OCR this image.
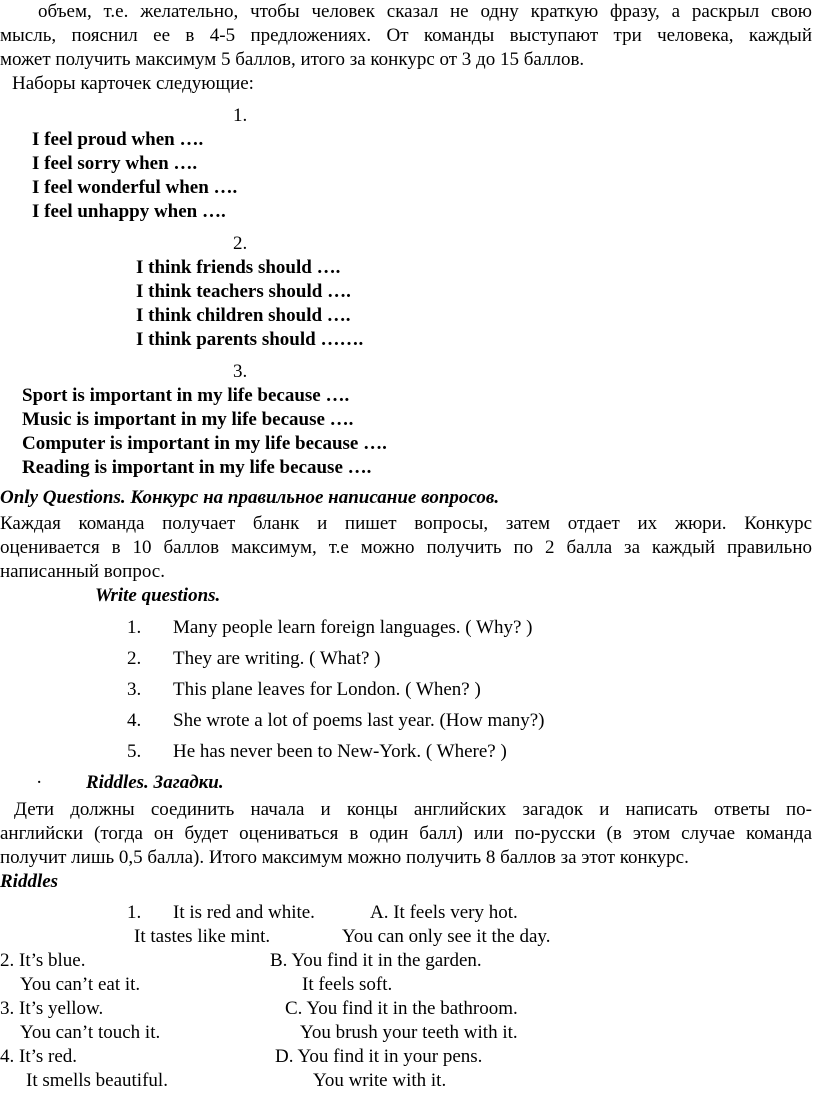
объем, т.е. желательно, чтобы человек сказал не одну краткую фразу, а раскрыл свою
мысль, пояснил ее в 4-5 предложениях. От команды выступают три человека, каждый
может получить максимум 5 баллов, итого за конкурс от 3 до 15 баллов.
Наборы карточек следующие:
1.
I feel proud when ….
I feel sorry when ….
I feel wonderful when ….
I feel unhappy when ….
2.
I think friends should ….
I think teachers should ….
I think children should ….
I think parents should …….
3.
Sport is important in my life because ….
Music is important in my life because ….
Computer is important in my life because ….
Reading is important in my life because ….
Only Questions. Конкурс на правильное написание вопросов.
Каждая команда получает бланк и пишет вопросы, затем отдает их жюри. Конкурс
оценивается в 10 баллов максимум, т.е можно получить по 2 балла за каждый правильно
написанный вопрос.
Write questions.
1. Many people learn foreign languages. ( Why? )
2. They are writing. ( What? )
3. This plane leaves for London. ( When? )
4. She wrote a lot of poems last year. (How many?)
5. He has never been to New-York. ( Where? )
· Riddles. Загадки.
Дети должны соединить начала и концы английских загадок и написать ответы по-
английски (тогда он будет оцениваться в один балл) или по-русски (в этом случае команда
получит лишь 0,5 балла). Итого максимум можно получить 8 баллов за этот конкурс.
Riddles
1. It is red and white.	A. It feels very hot.
It tastes like mint.	You can only see it the day.
2. It’s blue.	B. You find it in the garden.
You can’t eat it.	It feels soft.
3. It’s yellow.	C. You find it in the bathroom.
You can’t touch it.	You brush your teeth with it.
4. It’s red.	D. You find it in your pens.
It smells beautiful.	You write with it.
